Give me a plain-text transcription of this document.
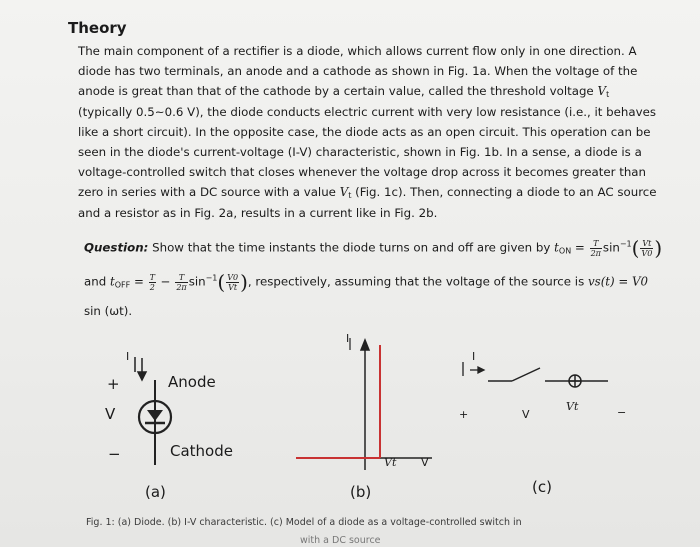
Theory
The main component of a rectifier is a diode, which allows current flow only in one direction. A
diode has two terminals, an anode and a cathode as shown in Fig. 1a. When the voltage of the
anode is great than that of the cathode by a certain value, called the threshold voltage $V_t$
(typically 0.5~0.6 V), the diode conducts electric current with very low resistance (i.e., it behaves
like a short circuit). In the opposite case, the diode acts as an open circuit. This operation can be
seen in the diode's current-voltage (I-V) characteristic, shown in Fig. 1b. In a sense, a diode is a
voltage-controlled switch that closes whenever the voltage drop across it becomes greater than
zero in series with a DC source with a value $V_t$ (Fig. 1c). Then, connecting a diode to an AC source
and a resistor as in Fig. 2a, results in a current like in Fig. 2b.
Question: Show that the time instants the diode turns on and off are given by $t_{ON} = \frac{T}{2\pi} \sin^{-1}( \frac{Vt}{V0}$ )
and $t_{OFF} = \frac{T}{2} - \frac{T}{2\pi} \sin^{-1}( \frac{V0}{Vt}$ ), respectively, assuming that the voltage of the source is vs(t) = V0
sin (ωt).
+
V
−
I
Anode
Cathode
(a)
I
Vt V
(b)
I
+	V
Vt	−
(c)
Fig. 1: (a) Diode. (b) I-V characteristic. (c) Model of a diode as a voltage-controlled switch in
with a DC source
